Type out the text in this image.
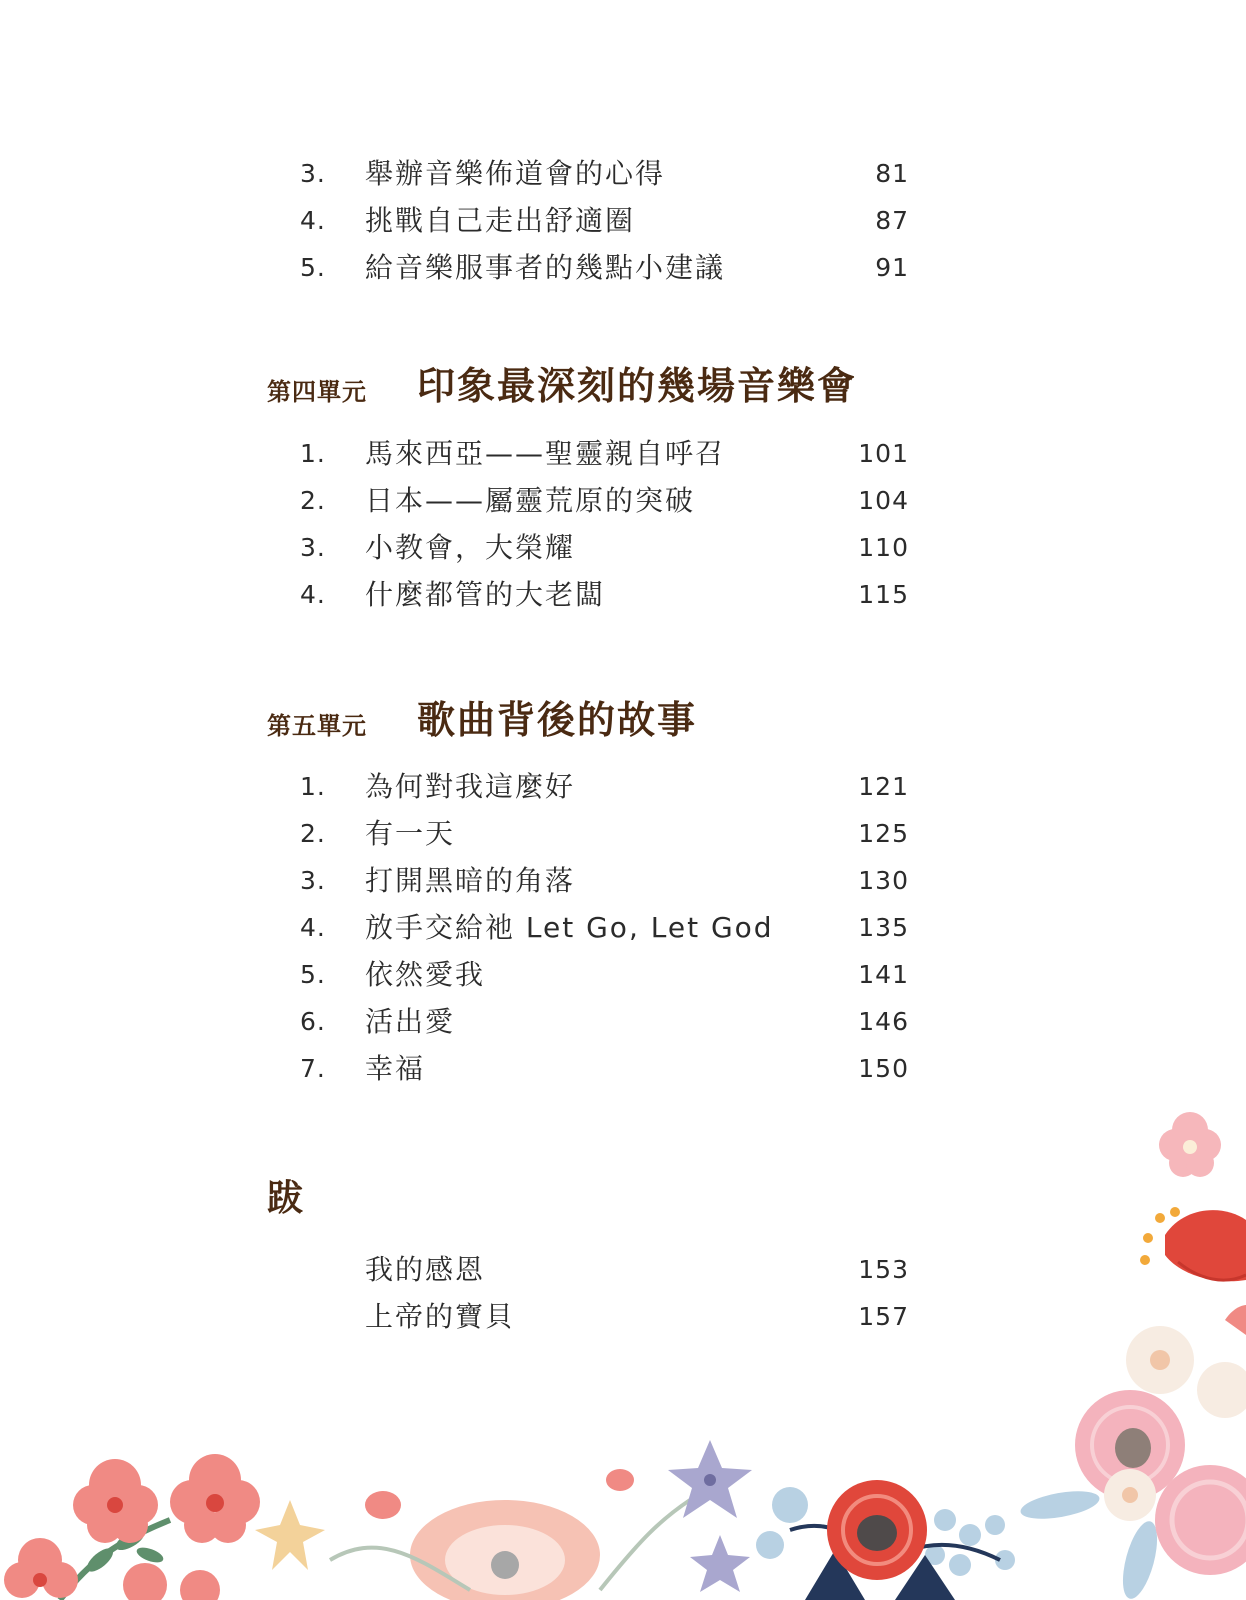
3. 舉辦音樂佈道會的心得	81
4. 挑戰自己走出舒適圈	87
5. 給音樂服事者的幾點小建議	91
第四單元 印象最深刻的幾場音樂會
1. 馬來西亞——聖靈親自呼召	101
2. 日本——屬靈荒原的突破	104
3. 小教會，大榮耀	110
4. 什麼都管的大老闆	115
第五單元 歌曲背後的故事
1. 為何對我這麼好	121
2. 有一天	125
3. 打開黑暗的角落	130
4. 放手交給祂 Let Go, Let God	135
5. 依然愛我	141
6. 活出愛	146
7. 幸福	150
跋
我的感恩	153
上帝的寶貝	157
